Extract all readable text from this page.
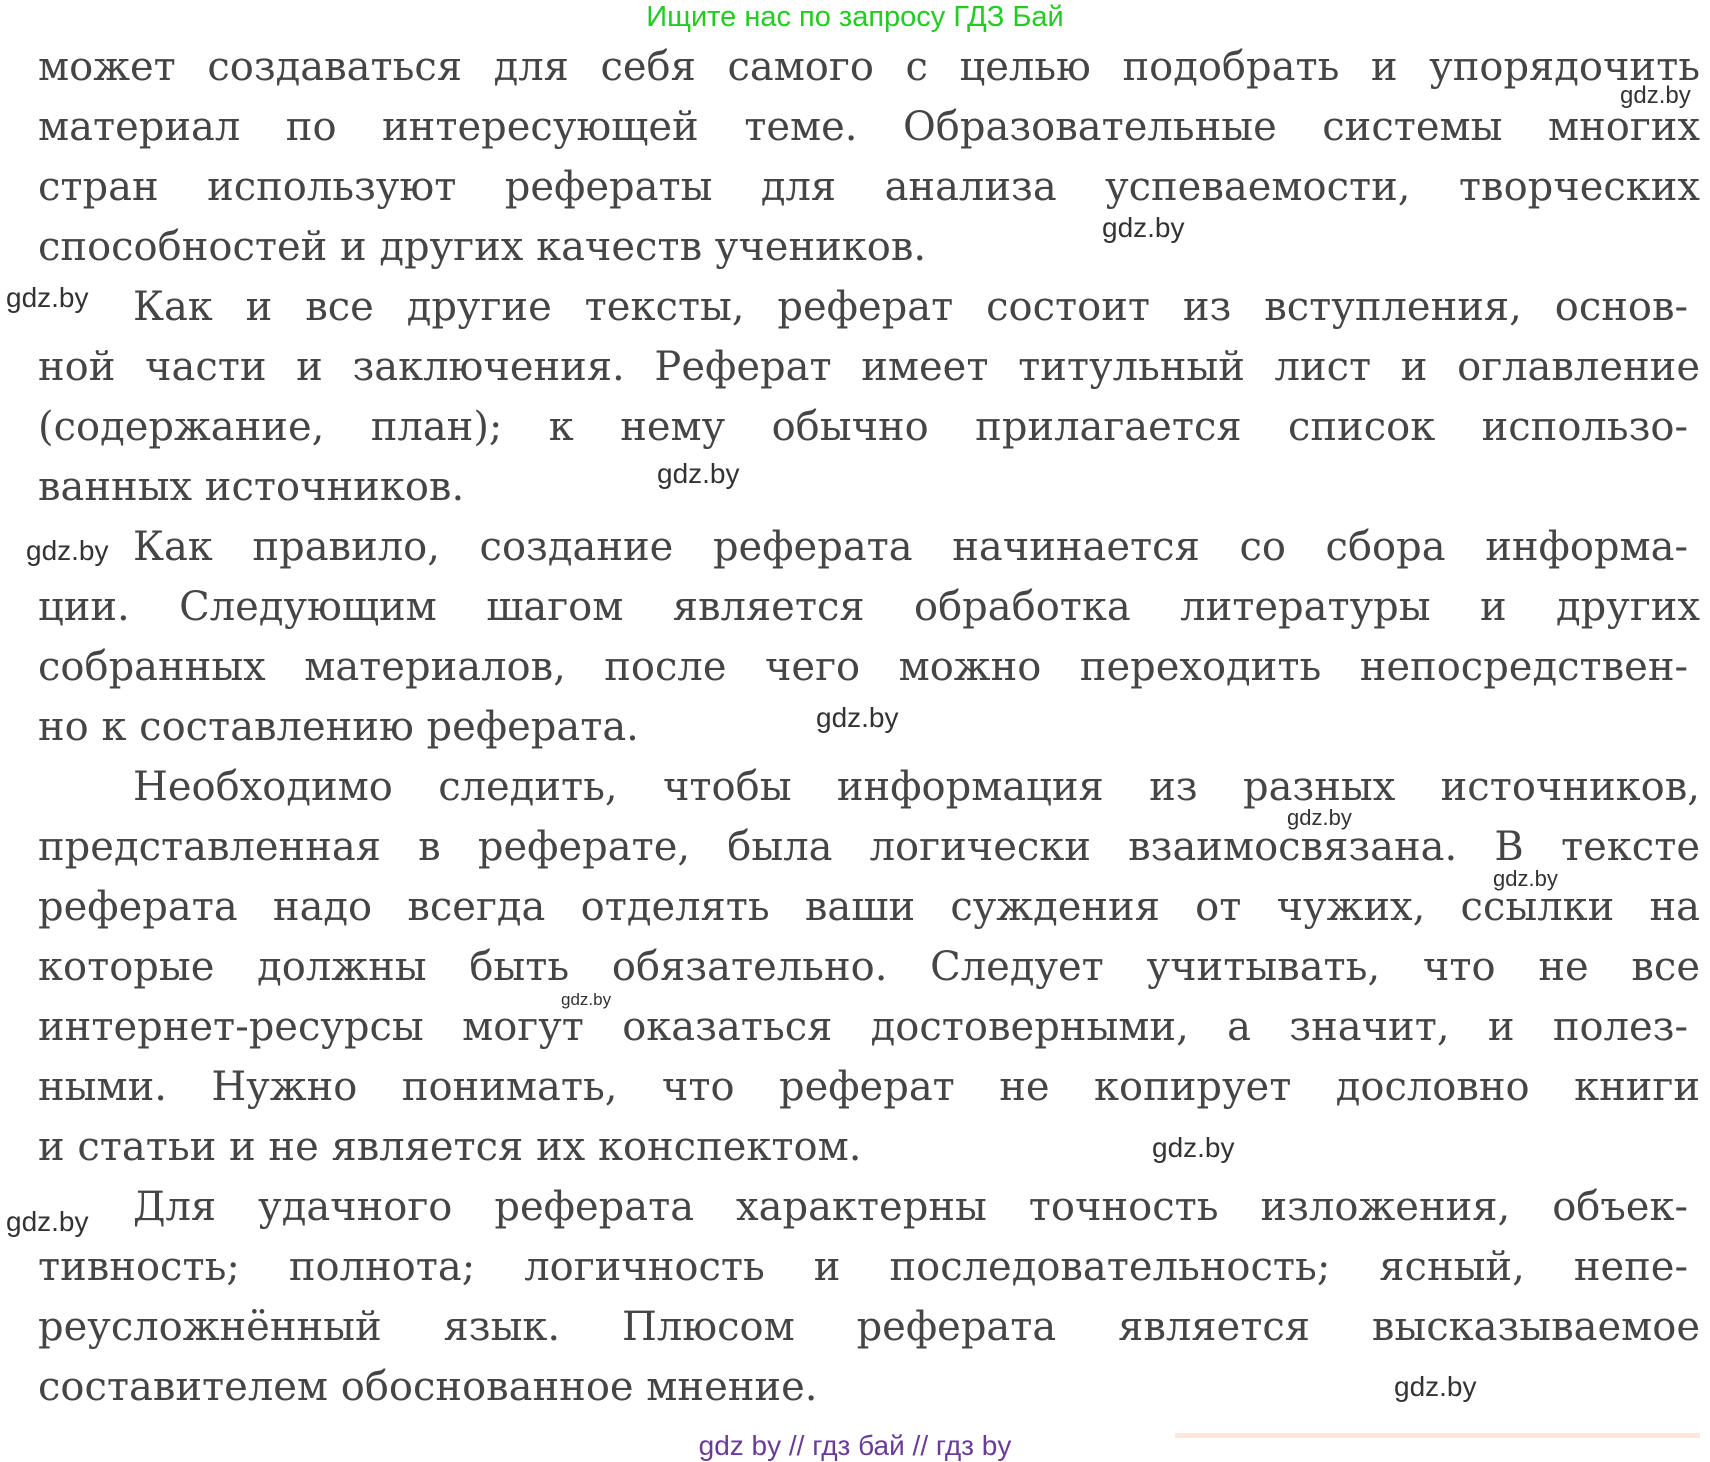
Ищите нас по запросу ГДЗ Бай
может создаваться для себя самого с целью подобрать и упорядочить
материал по интересующей теме. Образовательные системы многих
стран используют рефераты для анализа успеваемости, творческих
способностей и других качеств учеников.
Как и все другие тексты, реферат состоит из вступления, основ-
ной части и заключения. Реферат имеет титульный лист и оглавление
(содержание, план); к нему обычно прилагается список использо-
ванных источников.
Как правило, создание реферата начинается со сбора информа-
ции. Следующим шагом является обработка литературы и других
собранных материалов, после чего можно переходить непосредствен-
но к составлению реферата.
Необходимо следить, чтобы информация из разных источников,
представленная в реферате, была логически взаимосвязана. В тексте
реферата надо всегда отделять ваши суждения от чужих, ссылки на
которые должны быть обязательно. Следует учитывать, что не все
интернет-ресурсы могут оказаться достоверными, а значит, и полез-
ными. Нужно понимать, что реферат не копирует дословно книги
и статьи и не является их конспектом.
Для удачного реферата характерны точность изложения, объек-
тивность; полнота; логичность и последовательность; ясный, непе-
реусложнённый язык. Плюсом реферата является высказываемое
составителем обоснованное мнение.
gdz.by
gdz.by
gdz.by
gdz.by
gdz.by
gdz.by
gdz.by
gdz.by
gdz.by
gdz.by
gdz.by
gdz.by
gdz by // гдз бай // гдз by
